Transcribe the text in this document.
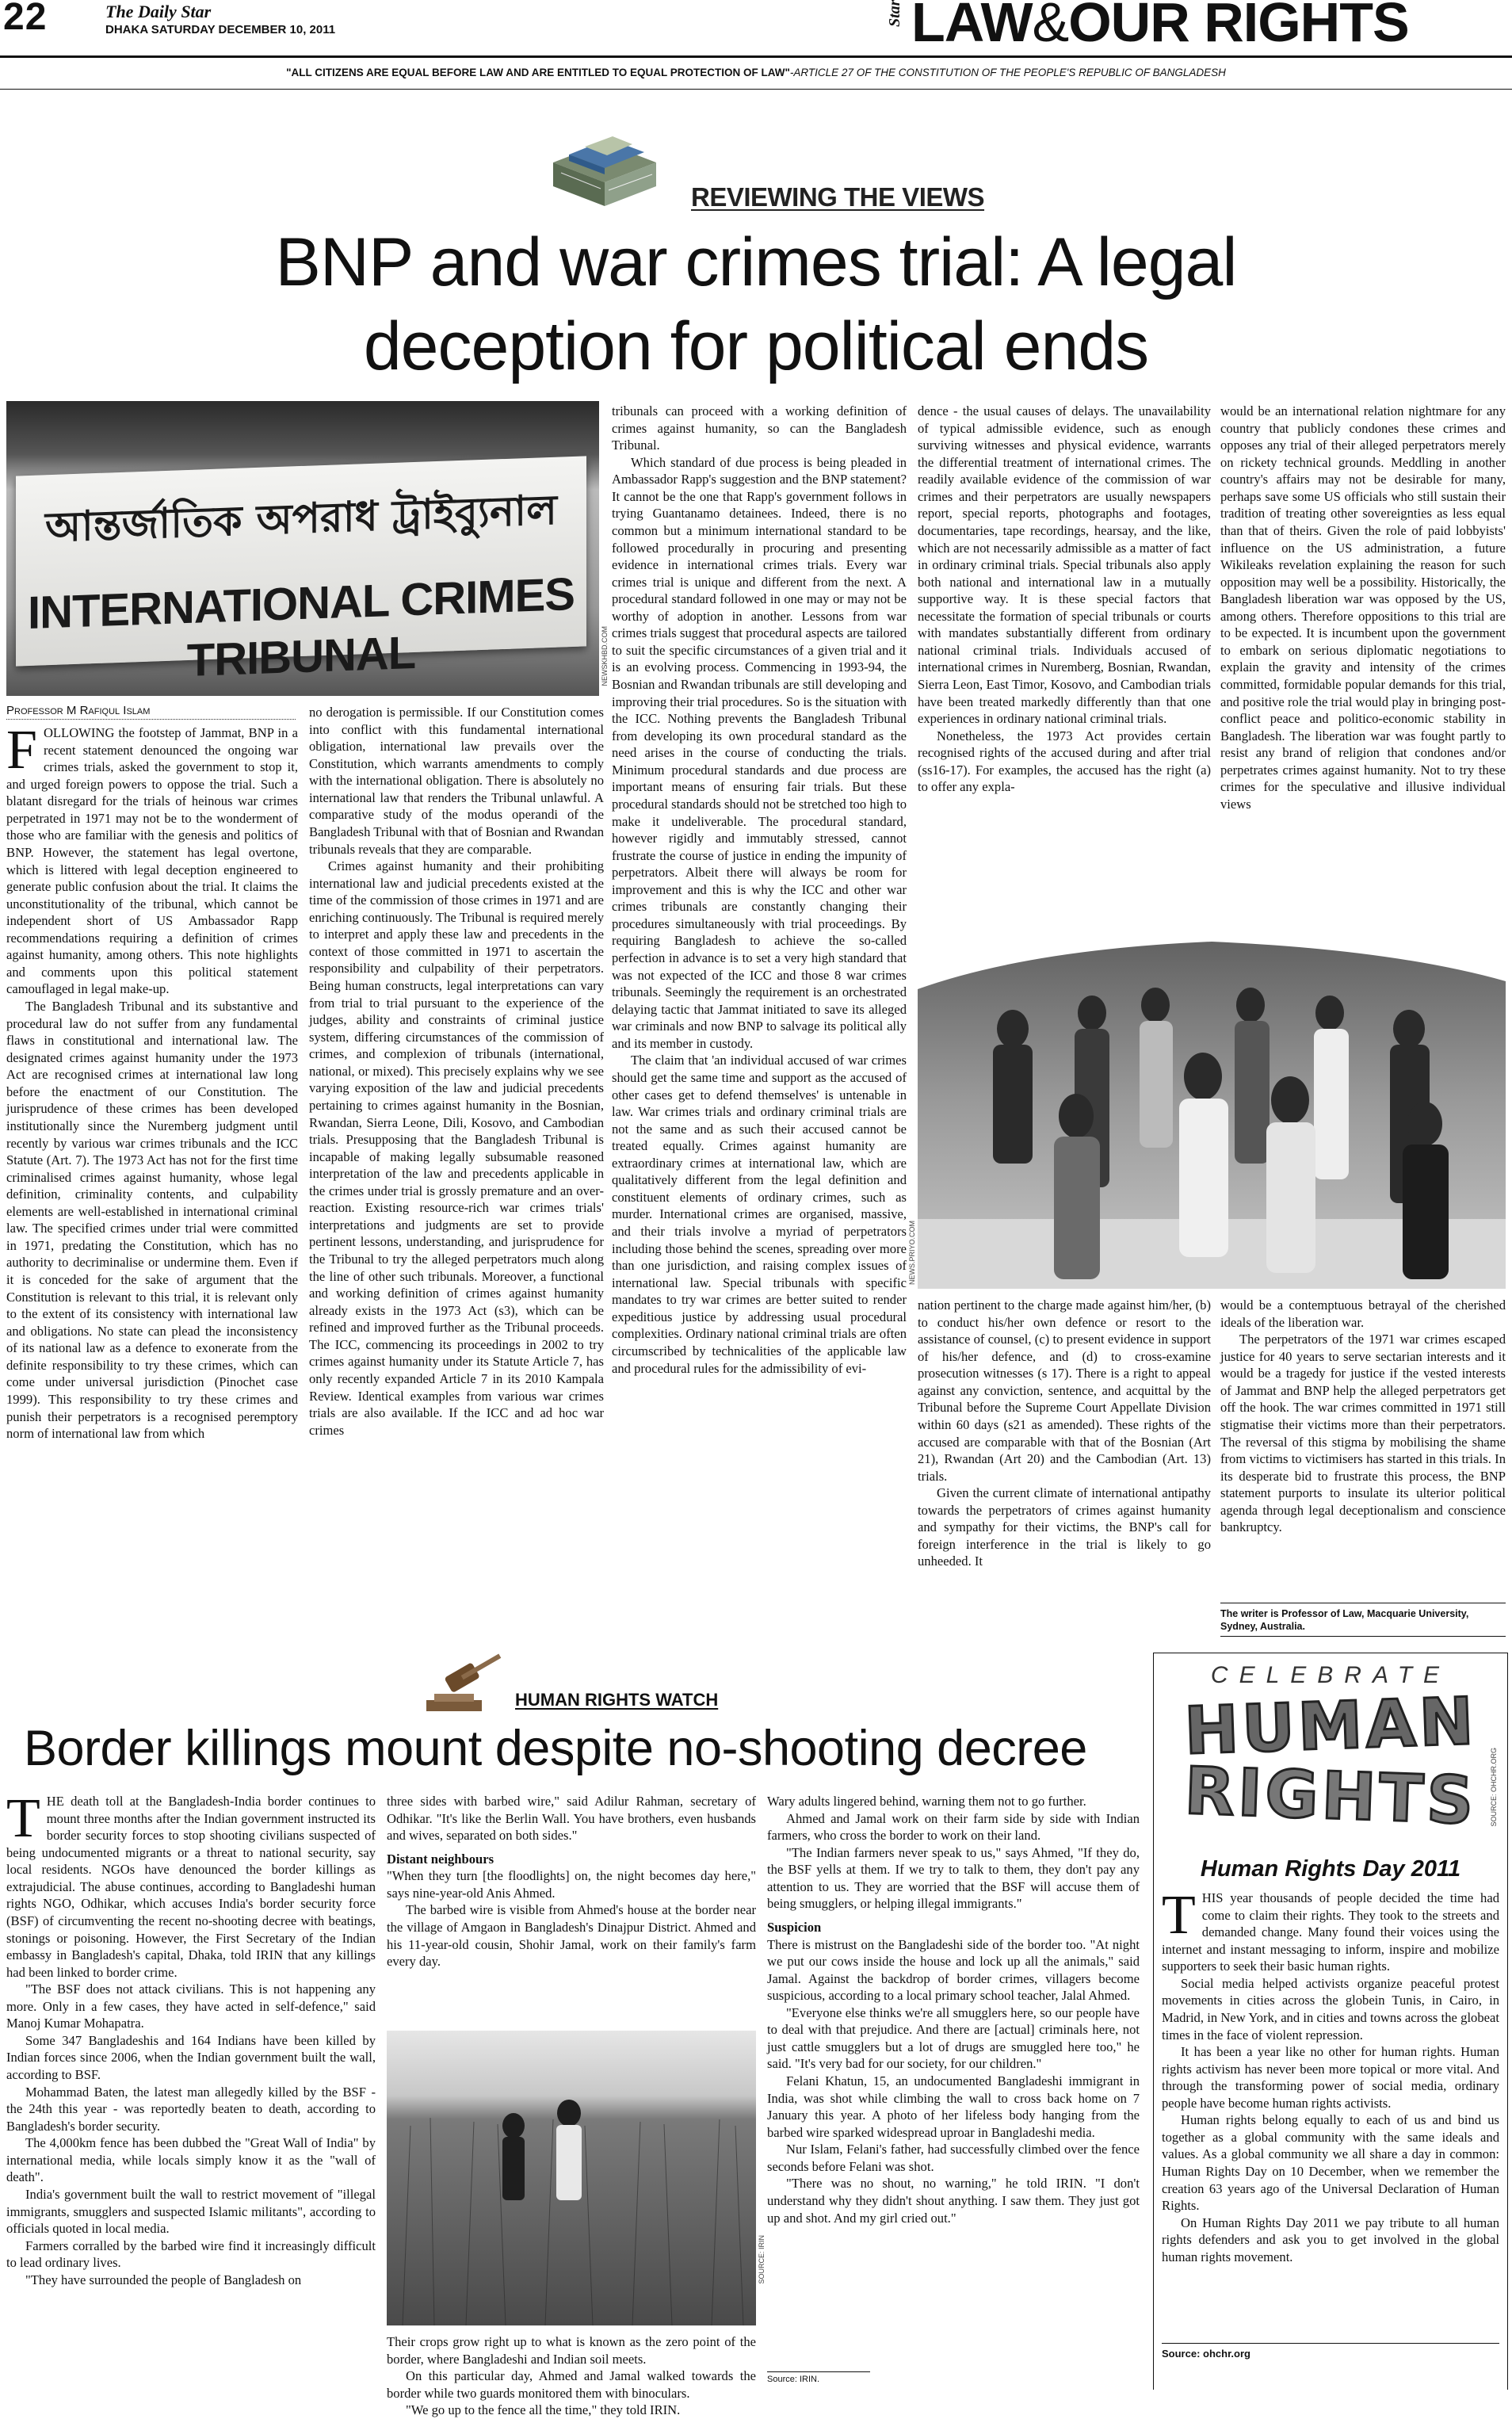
22	The Daily Star
DHAKA SATURDAY DECEMBER 10, 2011
Star LAW&OUR RIGHTS
"ALL CITIZENS ARE EQUAL BEFORE LAW AND ARE ENTITLED TO EQUAL PROTECTION OF LAW"-ARTICLE 27 OF THE CONSTITUTION OF THE PEOPLE'S REPUBLIC OF BANGLADESH
REVIEWING THE VIEWS
BNP and war crimes trial: A legal
deception for political ends
আন্তর্জাতিক অপরাধ ট্রাইব্যুনাল
INTERNATIONAL CRIMES TRIBUNAL	NEWSKHBD.COM
Professor M Rafiqul Islam

FOLLOWING the footstep of Jammat, BNP in a recent statement denounced the ongoing war crimes trials, asked the government to stop it, and urged foreign powers to oppose the trial. Such a blatant disregard for the trials of heinous war crimes perpetrated in 1971 may not be to the wonderment of those who are familiar with the genesis and politics of BNP. However, the statement has legal overtone, which is littered with legal deception engineered to generate public confusion about the trial. It claims the unconstitutionality of the tribunal, which cannot be independent short of US Ambassador Rapp recommendations requiring a definition of crimes against humanity, among others. This note highlights and comments upon this political statement camouflaged in legal make-up.

The Bangladesh Tribunal and its substantive and procedural law do not suffer from any fundamental flaws in constitutional and international law. The designated crimes against humanity under the 1973 Act are recognised crimes at international law long before the enactment of our Constitution. The jurisprudence of these crimes has been developed institutionally since the Nuremberg judgment until recently by various war crimes tribunals and the ICC Statute (Art. 7). The 1973 Act has not for the first time criminalised crimes against humanity, whose legal definition, criminality contents, and culpability elements are well-established in international criminal law. The specified crimes under trial were committed in 1971, predating the Constitution, which has no authority to decriminalise or undermine them. Even if it is conceded for the sake of argument that the Constitution is relevant to this trial, it is relevant only to the extent of its consistency with international law and obligations. No state can plead the inconsistency of its national law as a defence to exonerate from the definite responsibility to try these crimes, which can come under universal jurisdiction (Pinochet case 1999). This responsibility to try these crimes and punish their perpetrators is a recognised peremptory norm of international law from which

no derogation is permissible. If our Constitution comes into conflict with this fundamental international obligation, international law prevails over the Constitution, which warrants amendments to comply with the international obligation. There is absolutely no international law that renders the Tribunal unlawful. A comparative study of the modus operandi of the Bangladesh Tribunal with that of Bosnian and Rwandan tribunals reveals that they are comparable.

Crimes against humanity and their prohibiting international law and judicial precedents existed at the time of the commission of those crimes in 1971 and are enriching continuously. The Tribunal is required merely to interpret and apply these law and precedents in the context of those committed in 1971 to ascertain the responsibility and culpability of their perpetrators. Being human constructs, legal interpretations can vary from trial to trial pursuant to the experience of the judges, ability and constraints of criminal justice system, differing circumstances of the commission of crimes, and complexion of tribunals (international, national, or mixed). This precisely explains why we see varying exposition of the law and judicial precedents pertaining to crimes against humanity in the Bosnian, Rwandan, Sierra Leone, Dili, Kosovo, and Cambodian trials. Presupposing that the Bangladesh Tribunal is incapable of making legally subsumable reasoned interpretation of the law and precedents applicable in the crimes under trial is grossly premature and an over-reaction. Existing resource-rich war crimes trials' interpretations and judgments are set to provide pertinent lessons, understanding, and jurisprudence for the Tribunal to try the alleged perpetrators much along the line of other such tribunals. Moreover, a functional and working definition of crimes against humanity already exists in the 1973 Act (s3), which can be refined and improved further as the Tribunal proceeds. The ICC, commencing its proceedings in 2002 to try crimes against humanity under its Statute Article 7, has only recently expanded Article 7 in its 2010 Kampala Review. Identical examples from various war crimes trials are also available. If the ICC and ad hoc war crimes

tribunals can proceed with a working definition of crimes against humanity, so can the Bangladesh Tribunal.

Which standard of due process is being pleaded in Ambassador Rapp's suggestion and the BNP statement? It cannot be the one that Rapp's government follows in trying Guantanamo detainees. Indeed, there is no common but a minimum international standard to be followed procedurally in procuring and presenting evidence in international crimes trials. Every war crimes trial is unique and different from the next. A procedural standard followed in one may or may not be worthy of adoption in another. Lessons from war crimes trials suggest that procedural aspects are tailored to suit the specific circumstances of a given trial and it is an evolving process. Commencing in 1993-94, the Bosnian and Rwandan tribunals are still developing and improving their trial procedures. So is the situation with the ICC. Nothing prevents the Bangladesh Tribunal from developing its own procedural standard as the need arises in the course of conducting the trials. Minimum procedural standards and due process are important means of ensuring fair trials. But these procedural standards should not be stretched too high to make it undeliverable. The procedural standard, however rigidly and immutably stressed, cannot frustrate the course of justice in ending the impunity of perpetrators. Albeit there will always be room for improvement and this is why the ICC and other war crimes tribunals are constantly changing their procedures simultaneously with trial proceedings. By requiring Bangladesh to achieve the so-called perfection in advance is to set a very high standard that was not expected of the ICC and those 8 war crimes tribunals. Seemingly the requirement is an orchestrated delaying tactic that Jammat initiated to save its alleged war criminals and now BNP to salvage its political ally and its member in custody.

The claim that 'an individual accused of war crimes should get the same time and support as the accused of other cases get to defend themselves' is untenable in law. War crimes trials and ordinary criminal trials are not the same and as such their accused cannot be treated equally. Crimes against humanity are extraordinary crimes at international law, which are qualitatively different from the legal definition and constituent elements of ordinary crimes, such as murder. International crimes are organised, massive, and their trials involve a myriad of perpetrators including those behind the scenes, spreading over more than one jurisdiction, and raising complex issues of international law. Special tribunals with specific mandates to try war crimes are better suited to render expeditious justice by addressing usual procedural complexities. Ordinary national criminal trials are often circumscribed by technicalities of the applicable law and procedural rules for the admissibility of evi-

dence - the usual causes of delays. The unavailability of typical admissible evidence, such as enough surviving witnesses and physical evidence, warrants the differential treatment of international crimes. The readily available evidence of the commission of war crimes and their perpetrators are usually newspapers report, special reports, photographs and footages, documentaries, tape recordings, hearsay, and the like, which are not necessarily admissible as a matter of fact in ordinary criminal trials. Special tribunals also apply both national and international law in a mutually supportive way. It is these special factors that necessitate the formation of special tribunals or courts with mandates substantially different from ordinary national criminal trials. Individuals accused of international crimes in Nuremberg, Bosnian, Rwandan, Sierra Leon, East Timor, Kosovo, and Cambodian trials have been treated markedly differently than that one experiences in ordinary national criminal trials.

Nonetheless, the 1973 Act provides certain recognised rights of the accused during and after trial (ss16-17). For examples, the accused has the right (a) to offer any expla-

would be an international relation nightmare for any country that publicly condones these crimes and opposes any trial of their alleged perpetrators merely on rickety technical grounds. Meddling in another country's affairs may not be desirable for many, perhaps save some US officials who still sustain their tradition of treating other sovereignties as less equal than that of theirs. Given the role of paid lobbyists' influence on the US administration, a future Wikileaks revelation explaining the reason for such opposition may well be a possibility. Historically, the Bangladesh liberation war was opposed by the US, among others. Therefore oppositions to this trial are to be expected. It is incumbent upon the government to embark on serious diplomatic negotiations to explain the gravity and intensity of the crimes committed, formidable popular demands for this trial, and positive role the trial would play in bringing post-conflict peace and politico-economic stability in Bangladesh. The liberation war was fought partly to resist any brand of religion that condones and/or perpetrates crimes against humanity. Not to try these crimes for the speculative and illusive individual views

NEWS.PRIYO.COM

nation pertinent to the charge made against him/her, (b) to conduct his/her own defence or resort to the assistance of counsel, (c) to present evidence in support of his/her defence, and (d) to cross-examine prosecution witnesses (s 17). There is a right to appeal against any conviction, sentence, and acquittal by the Tribunal before the Supreme Court Appellate Division within 60 days (s21 as amended). These rights of the accused are comparable with that of the Bosnian (Art 21), Rwandan (Art 20) and the Cambodian (Art. 13) trials.

Given the current climate of international antipathy towards the perpetrators of crimes against humanity and sympathy for their victims, the BNP's call for foreign interference in the trial is likely to go unheeded. It

would be a contemptuous betrayal of the cherished ideals of the liberation war.

The perpetrators of the 1971 war crimes escaped justice for 40 years to serve sectarian interests and it would be a tragedy for justice if the vested interests of Jammat and BNP help the alleged perpetrators get off the hook. The war crimes committed in 1971 still stigmatise their victims more than their perpetrators. The reversal of this stigma by mobilising the shame from victims to victimisers has started in this trials. In its desperate bid to frustrate this process, the BNP statement purports to insulate its ulterior political agenda through legal deceptionalism and conscience bankruptcy.

The writer is Professor of Law, Macquarie University, Sydney, Australia.
HUMAN RIGHTS WATCH
Border killings mount despite no-shooting decree

THE death toll at the Bangladesh-India border continues to mount three months after the Indian government instructed its border security forces to stop shooting civilians suspected of being undocumented migrants or a threat to national security, say local residents. NGOs have denounced the border killings as extrajudicial. The abuse continues, according to Bangladeshi human rights NGO, Odhikar, which accuses India's border security force (BSF) of circumventing the recent no-shooting decree with beatings, stonings or poisoning. However, the First Secretary of the Indian embassy in Bangladesh's capital, Dhaka, told IRIN that any killings had been linked to border crime.

"The BSF does not attack civilians. This is not happening any more. Only in a few cases, they have acted in self-defence," said Manoj Kumar Mohapatra.

Some 347 Bangladeshis and 164 Indians have been killed by Indian forces since 2006, when the Indian government built the wall, according to BSF.

Mohammad Baten, the latest man allegedly killed by the BSF - the 24th this year - was reportedly beaten to death, according to Bangladesh's border security.

The 4,000km fence has been dubbed the "Great Wall of India" by international media, while locals simply know it as the "wall of death".

India's government built the wall to restrict movement of "illegal immigrants, smugglers and suspected Islamic militants", according to officials quoted in local media.

Farmers corralled by the barbed wire find it increasingly difficult to lead ordinary lives.

"They have surrounded the people of Bangladesh on

three sides with barbed wire," said Adilur Rahman, secretary of Odhikar. "It's like the Berlin Wall. You have brothers, even husbands and wives, separated on both sides."

Distant neighbours

"When they turn [the floodlights] on, the night becomes day here," says nine-year-old Anis Ahmed.

The barbed wire is visible from Ahmed's house at the border near the village of Amgaon in Bangladesh's Dinajpur District. Ahmed and his 11-year-old cousin, Shohir Jamal, work on their family's farm every day.

SOURCE: IRIN

Their crops grow right up to what is known as the zero point of the border, where Bangladeshi and Indian soil meets.

On this particular day, Ahmed and Jamal walked towards the border while two guards monitored them with binoculars.

"We go up to the fence all the time," they told IRIN.

Wary adults lingered behind, warning them not to go further.

Ahmed and Jamal work on their farm side by side with Indian farmers, who cross the border to work on their land.

"The Indian farmers never speak to us," says Ahmed, "If they do, the BSF yells at them. If we try to talk to them, they don't pay any attention to us. They are worried that the BSF will accuse them of being smugglers, or helping illegal immigrants."

Suspicion

There is mistrust on the Bangladeshi side of the border too. "At night we put our cows inside the house and lock up all the animals," said Jamal. Against the backdrop of border crimes, villagers become suspicious, according to a local primary school teacher, Jalal Ahmed.

"Everyone else thinks we're all smugglers here, so our people have to deal with that prejudice. And there are [actual] criminals here, not just cattle smugglers but a lot of drugs are smuggled here too," he said. "It's very bad for our society, for our children."

Felani Khatun, 15, an undocumented Bangladeshi immigrant in India, was shot while climbing the wall to cross back home on 7 January this year. A photo of her lifeless body hanging from the barbed wire sparked widespread uproar in Bangladeshi media.

Nur Islam, Felani's father, had successfully climbed over the fence seconds before Felani was shot.

"There was no shout, no warning," he told IRIN. "I don't understand why they didn't shout anything. I saw them. They just got up and shot. And my girl cried out."

Source: IRIN.
CELEBRATE
HUMAN
RIGHTS	SOURCE: OHCHR.ORG
Human Rights Day 2011

THIS year thousands of people decided the time had come to claim their rights. They took to the streets and demanded change. Many found their voices using the internet and instant messaging to inform, inspire and mobilize supporters to seek their basic human rights.

Social media helped activists organize peaceful protest movements in cities across the globein Tunis, in Cairo, in Madrid, in New York, and in cities and towns across the globeat times in the face of violent repression.

It has been a year like no other for human rights. Human rights activism has never been more topical or more vital. And through the transforming power of social media, ordinary people have become human rights activists.

Human rights belong equally to each of us and bind us together as a global community with the same ideals and values. As a global community we all share a day in common: Human Rights Day on 10 December, when we remember the creation 63 years ago of the Universal Declaration of Human Rights.

On Human Rights Day 2011 we pay tribute to all human rights defenders and ask you to get involved in the global human rights movement.

Source: ohchr.org
